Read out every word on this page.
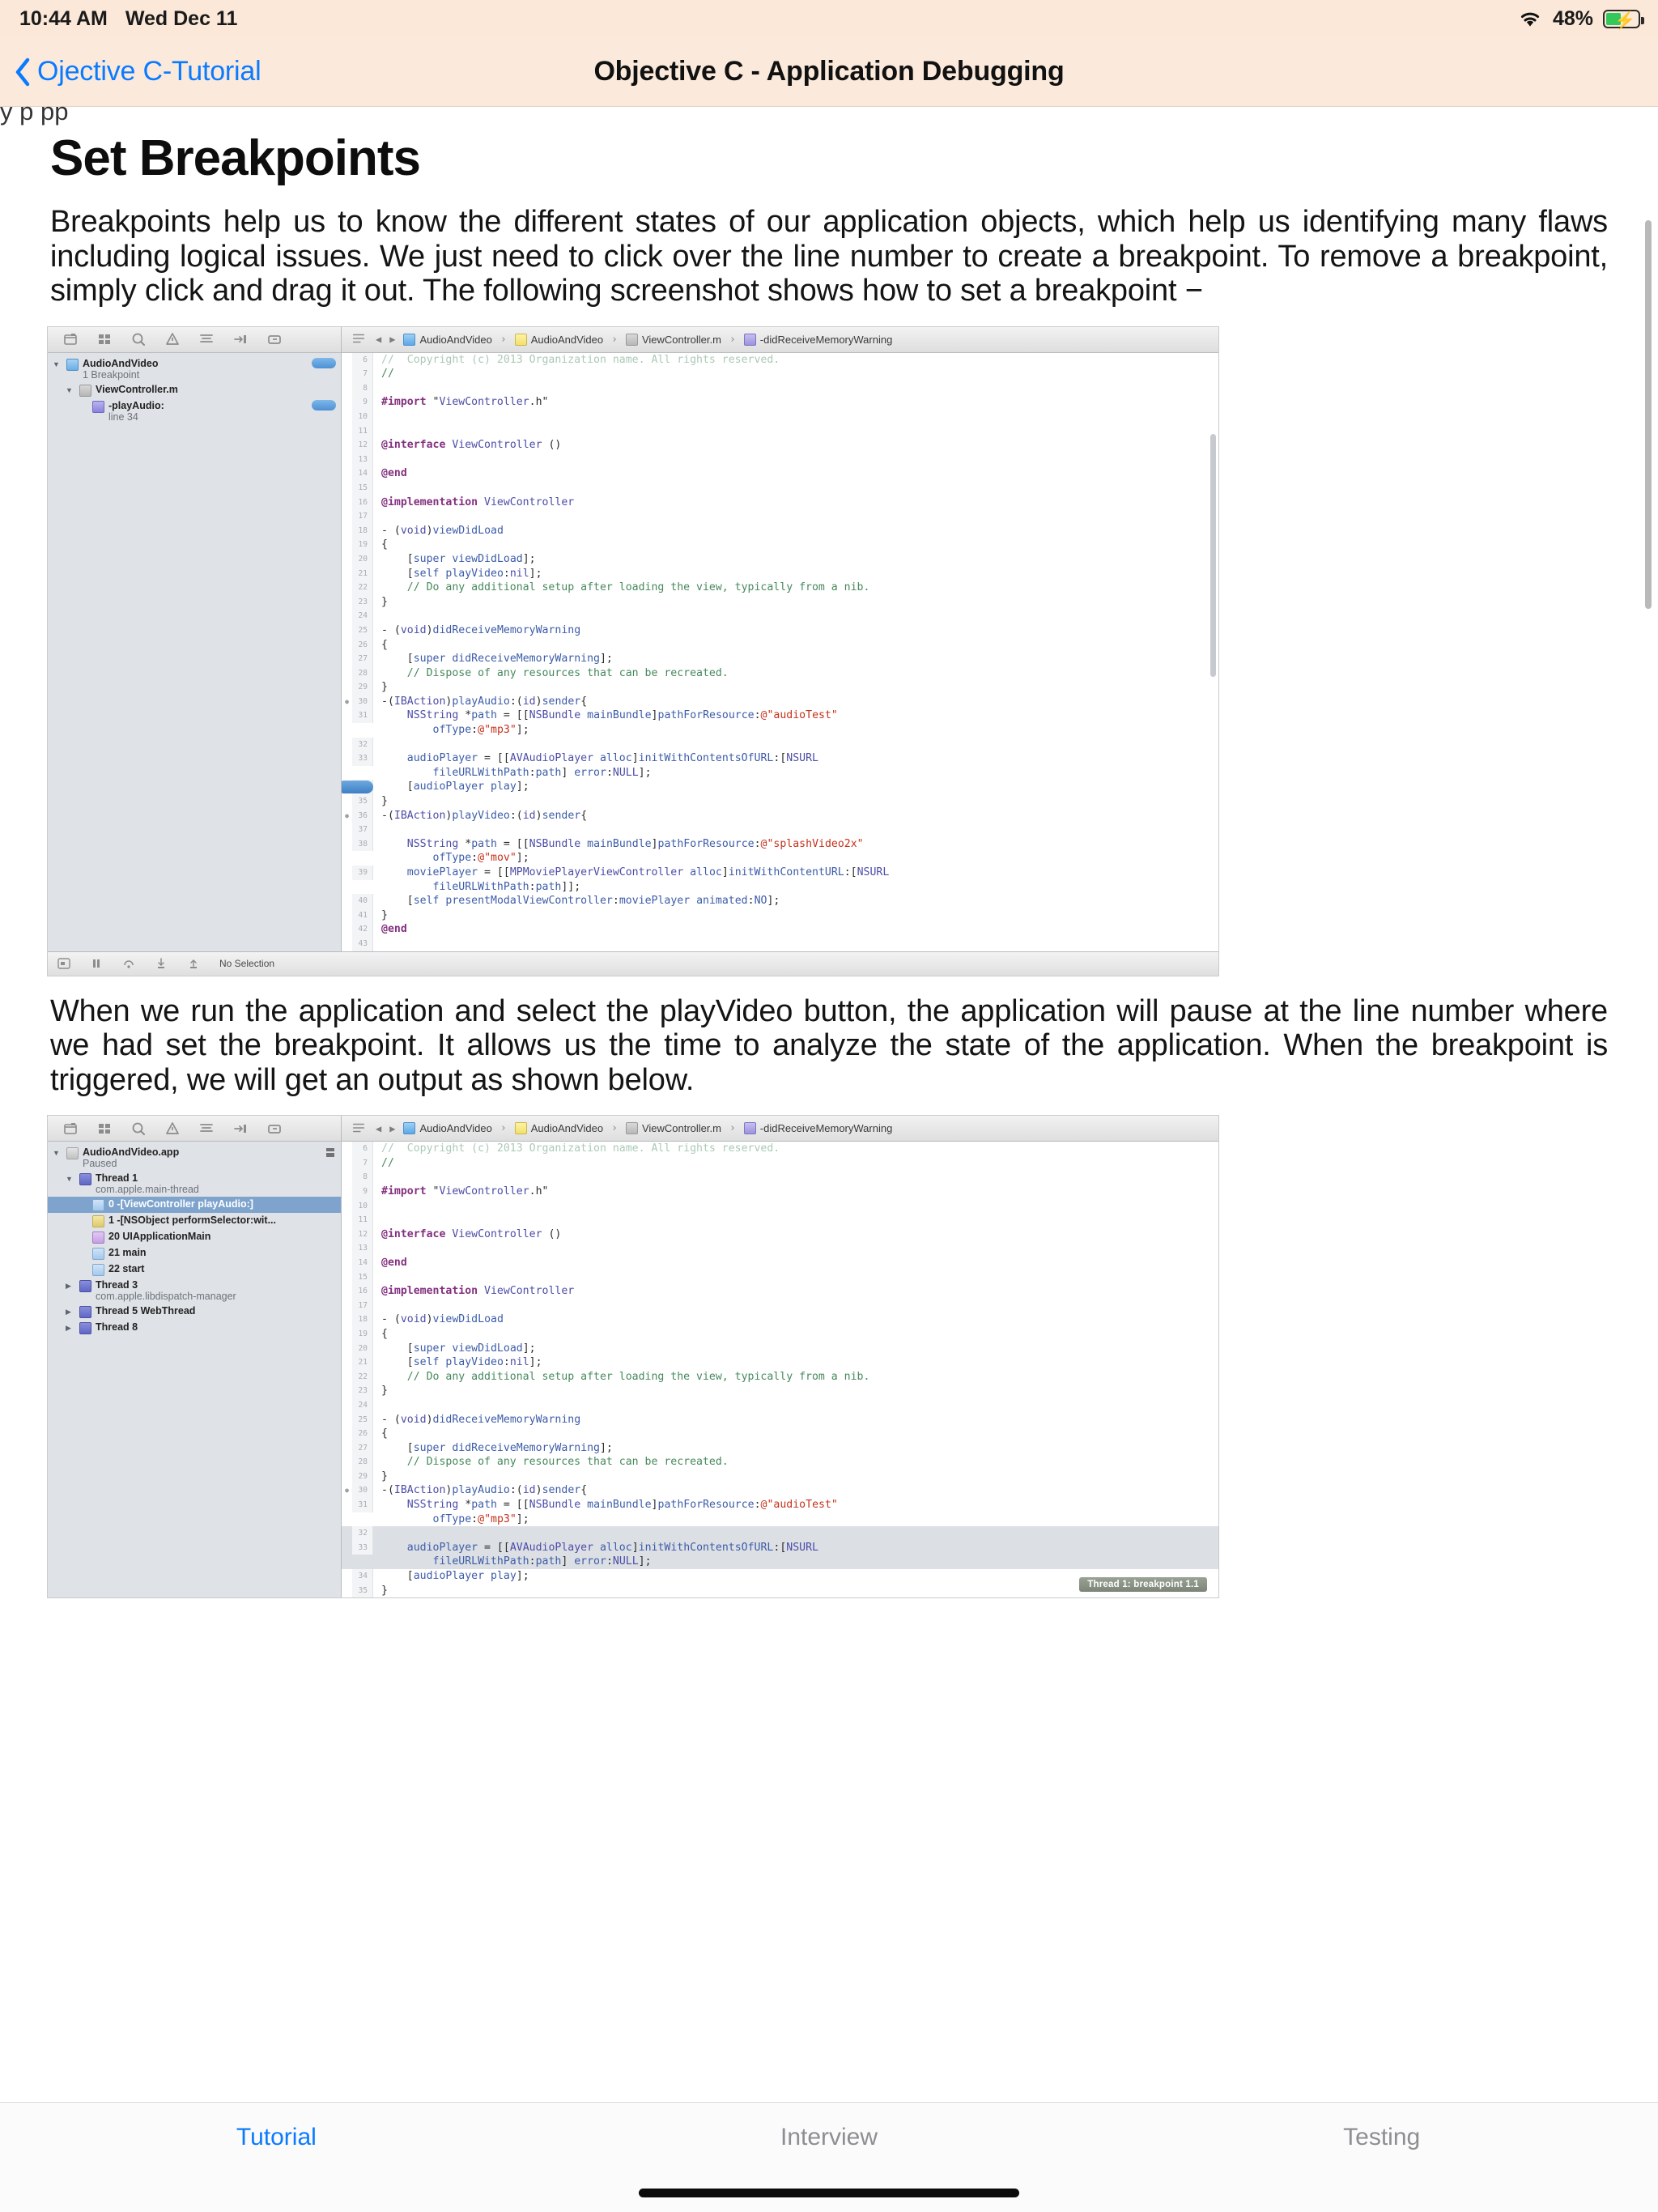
10:44 AM Wed Dec 11	48% ⚡
Objective C - Application Debugging
Ojective C-Tutorial
y p pp
Set Breakpoints

Breakpoints help us to know the different states of our application objects, which help us identifying many flaws including logical issues. We just need to click over the line number to create a breakpoint. To remove a breakpoint, simply click and drag it out. The following screenshot shows how to set a breakpoint −

◀ ▶ AudioAndVideo › AudioAndVideo › ViewController.m › -didReceiveMemoryWarning
▼ AudioAndVideo
1 Breakpoint
▼ ViewController.m
-playAudio:
line 34
6	//  Copyright (c) 2013 Organization name. All rights reserved.
7	//
8
9	#import "ViewController.h"
10
11
12	@interface ViewController ()
13
14	@end
15
16	@implementation ViewController
17
18	- (void)viewDidLoad
19	{
20	[super viewDidLoad];
21	[self playVideo:nil];
22	// Do any additional setup after loading the view, typically from a nib.
23	}
24
25	- (void)didReceiveMemoryWarning
26	{
27	[super didReceiveMemoryWarning];
28	// Dispose of any resources that can be recreated.
29	}
●	30	-(IBAction)playAudio:(id)sender{
31	NSString *path = [[NSBundle mainBundle]pathForResource:@"audioTest"
ofType:@"mp3"];
32
33	audioPlayer = [[AVAudioPlayer alloc]initWithContentsOfURL:[NSURL
fileURLWithPath:path] error:NULL];
[audioPlayer play];
35	}
●	36	-(IBAction)playVideo:(id)sender{
37
38	NSString *path = [[NSBundle mainBundle]pathForResource:@"splashVideo2x"
ofType:@"mov"];
39	moviePlayer = [[MPMoviePlayerViewController alloc]initWithContentURL:[NSURL
fileURLWithPath:path]];
40	[self presentModalViewController:moviePlayer animated:NO];
41	}
42	@end
43
No Selection

When we run the application and select the playVideo button, the application will pause at the line number where we had set the breakpoint. It allows us the time to analyze the state of the application. When the breakpoint is triggered, we will get an output as shown below.

◀ ▶ AudioAndVideo › AudioAndVideo › ViewController.m › -didReceiveMemoryWarning
▼ AudioAndVideo.app
Paused
▼ Thread 1
com.apple.main-thread
0 -[ViewController playAudio:]
1 -[NSObject performSelector:wit...
20 UIApplicationMain
21 main
22 start
▶	Thread 3
com.apple.libdispatch-manager
▶	Thread 5 WebThread
▶	Thread 8
Thread 1: breakpoint 1.1
6	//  Copyright (c) 2013 Organization name. All rights reserved.
7	//
8
9	#import "ViewController.h"
10
11
12	@interface ViewController ()
13
14	@end
15
16	@implementation ViewController
17
18	- (void)viewDidLoad
19	{
20	[super viewDidLoad];
21	[self playVideo:nil];
22	// Do any additional setup after loading the view, typically from a nib.
23	}
24
25	- (void)didReceiveMemoryWarning
26	{
27	[super didReceiveMemoryWarning];
28	// Dispose of any resources that can be recreated.
29	}
●	30	-(IBAction)playAudio:(id)sender{
31	NSString *path = [[NSBundle mainBundle]pathForResource:@"audioTest"
ofType:@"mp3"];
32
33	audioPlayer = [[AVAudioPlayer alloc]initWithContentsOfURL:[NSURL
fileURLWithPath:path] error:NULL];
34	[audioPlayer play];
35	}
Tutorial	Interview	Testing
